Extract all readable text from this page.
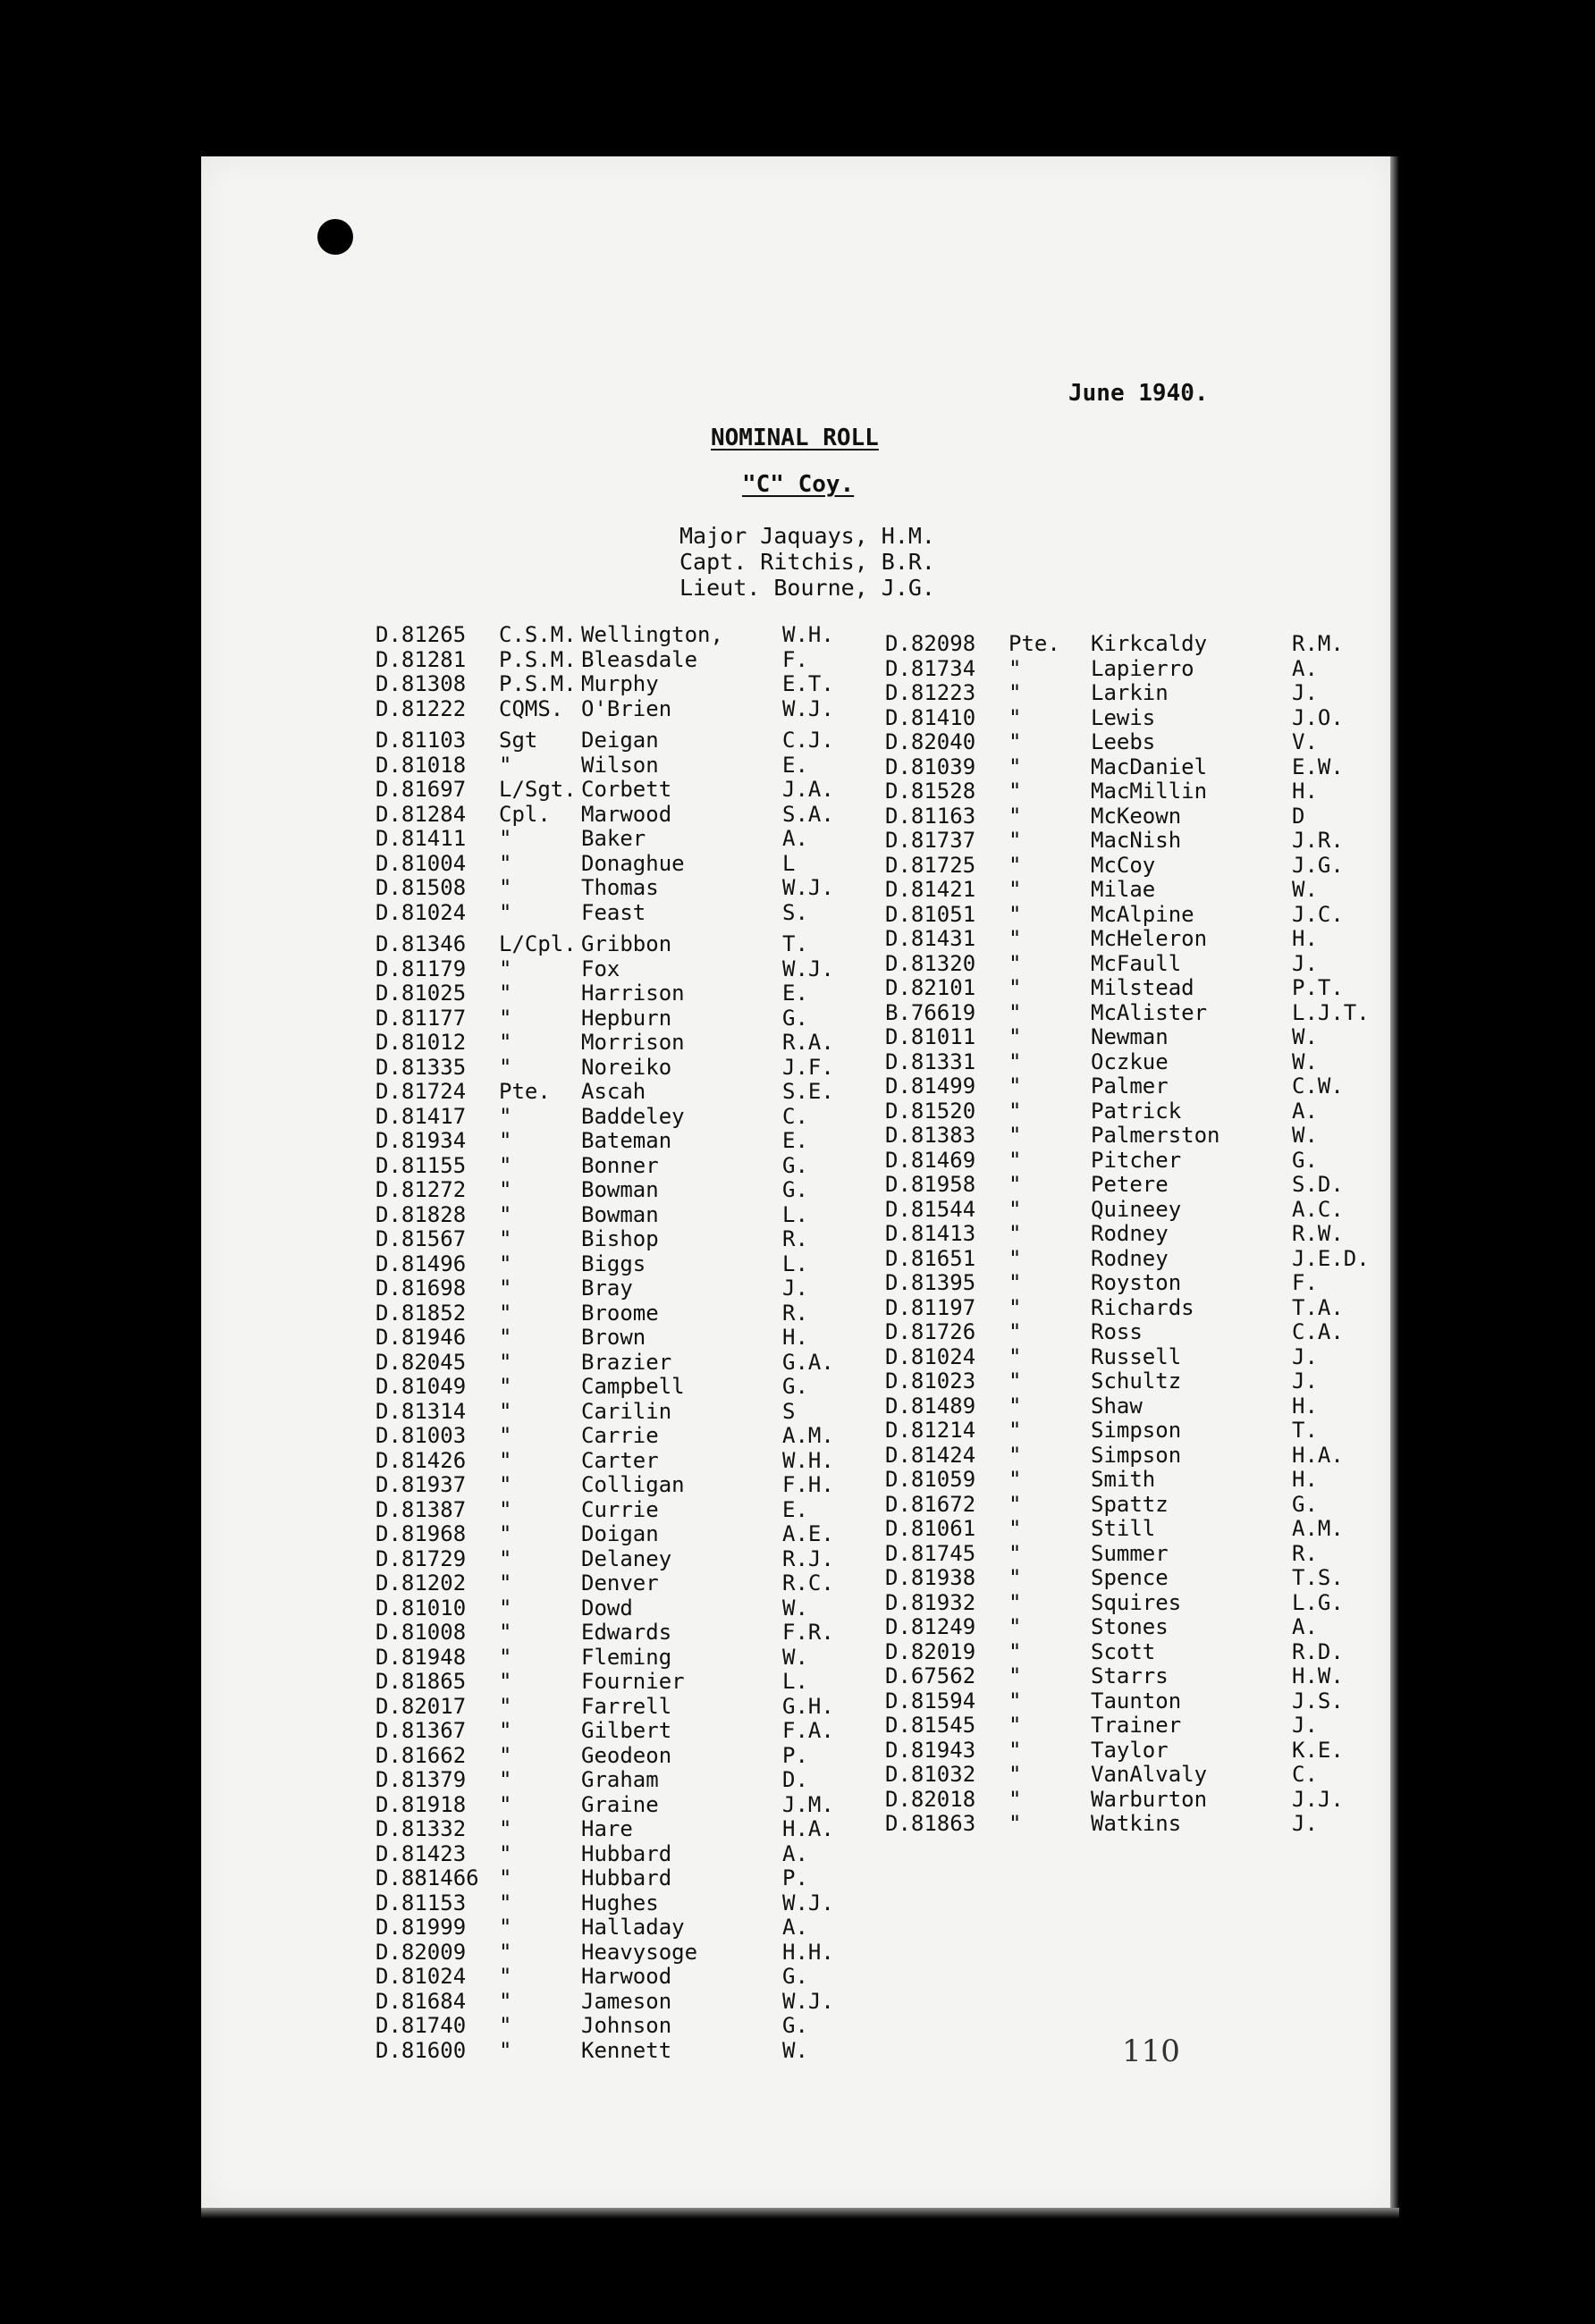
June 1940.
NOMINAL ROLL
"C" Coy.
Major Jaquays, H.M.
Capt. Ritchis, B.R.
Lieut. Bourne, J.G.
D.81265 C.S.M. Wellington,	W.H.
D.81281 P.S.M. Bleasdale	F.
D.81308 P.S.M. Murphy	E.T.
D.81222 CQMS. O'Brien	W.J.
D.81103 Sgt Deigan	C.J.
D.81018 "	Wilson	E.
D.81697 L/Sgt. Corbett	J.A.
D.81284 Cpl. Marwood	S.A.
D.81411 "	Baker	A.
D.81004 "	Donaghue	L
D.81508 "	Thomas	W.J.
D.81024 "	Feast	S.
D.81346 L/Cpl. Gribbon	T.
D.81179 "	Fox	W.J.
D.81025 "	Harrison	E.
D.81177 "	Hepburn	G.
D.81012 "	Morrison	R.A.
D.81335 "	Noreiko	J.F.
D.81724 Pte. Ascah	S.E.
D.81417 "	Baddeley	C.
D.81934 "	Bateman	E.
D.81155 "	Bonner	G.
D.81272 "	Bowman	G.
D.81828 "	Bowman	L.
D.81567 "	Bishop	R.
D.81496 "	Biggs	L.
D.81698 "	Bray	J.
D.81852 "	Broome	R.
D.81946 "	Brown	H.
D.82045 "	Brazier	G.A.
D.81049 "	Campbell	G.
D.81314 "	Carilin	S
D.81003 "	Carrie	A.M.
D.81426 "	Carter	W.H.
D.81937 "	Colligan	F.H.
D.81387 "	Currie	E.
D.81968 "	Doigan	A.E.
D.81729 "	Delaney	R.J.
D.81202 "	Denver	R.C.
D.81010 "	Dowd	W.
D.81008 "	Edwards	F.R.
D.81948 "	Fleming	W.
D.81865 "	Fournier	L.
D.82017 "	Farrell	G.H.
D.81367 "	Gilbert	F.A.
D.81662 "	Geodeon	P.
D.81379 "	Graham	D.
D.81918 "	Graine	J.M.
D.81332 "	Hare	H.A.
D.81423 "	Hubbard	A.
D.881466 "	Hubbard	P.
D.81153 "	Hughes	W.J.
D.81999 "	Halladay	A.
D.82009 "	Heavysoge	H.H.
D.81024 "	Harwood	G.
D.81684 "	Jameson	W.J.
D.81740 "	Johnson	G.
D.81600 "	Kennett	W.
D.82098 Pte. Kirkcaldy	R.M.
D.81734 "	Lapierro	A.
D.81223 "	Larkin	J.
D.81410 "	Lewis	J.O.
D.82040 "	Leebs	V.
D.81039 "	MacDaniel	E.W.
D.81528 "	MacMillin	H.
D.81163 "	McKeown	D
D.81737 "	MacNish	J.R.
D.81725 "	McCoy	J.G.
D.81421 "	Milae	W.
D.81051 "	McAlpine	J.C.
D.81431 "	McHeleron	H.
D.81320 "	McFaull	J.
D.82101 "	Milstead	P.T.
B.76619 "	McAlister	L.J.T.
D.81011 "	Newman	W.
D.81331 "	Oczkue	W.
D.81499 "	Palmer	C.W.
D.81520 "	Patrick	A.
D.81383 "	Palmerston	W.
D.81469 "	Pitcher	G.
D.81958 "	Petere	S.D.
D.81544 "	Quineey	A.C.
D.81413 "	Rodney	R.W.
D.81651 "	Rodney	J.E.D.
D.81395 "	Royston	F.
D.81197 "	Richards	T.A.
D.81726 "	Ross	C.A.
D.81024 "	Russell	J.
D.81023 "	Schultz	J.
D.81489 "	Shaw	H.
D.81214 "	Simpson	T.
D.81424 "	Simpson	H.A.
D.81059 "	Smith	H.
D.81672 "	Spattz	G.
D.81061 "	Still	A.M.
D.81745 "	Summer	R.
D.81938 "	Spence	T.S.
D.81932 "	Squires	L.G.
D.81249 "	Stones	A.
D.82019 "	Scott	R.D.
D.67562 "	Starrs	H.W.
D.81594 "	Taunton	J.S.
D.81545 "	Trainer	J.
D.81943 "	Taylor	K.E.
D.81032 "	VanAlvaly	C.
D.82018 "	Warburton	J.J.
D.81863 "	Watkins	J.
110
